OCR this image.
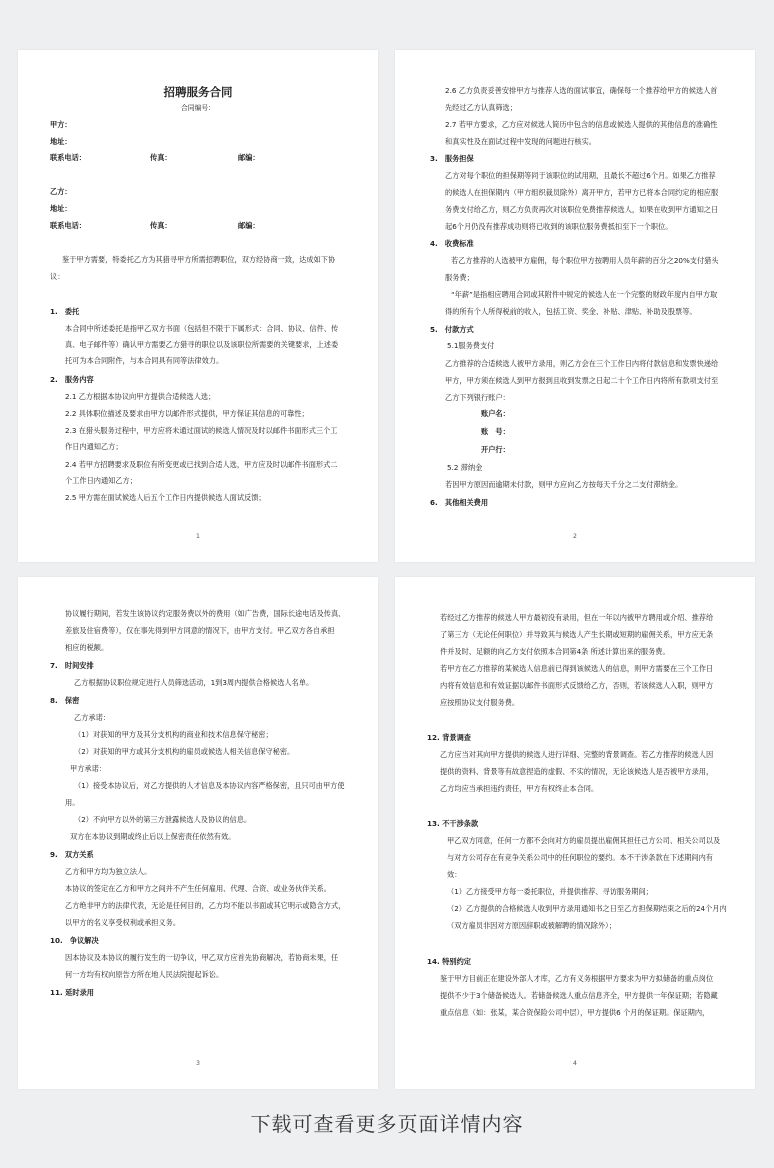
招聘服务合同
合同编号：
甲方：
地址：
联系电话：	传真：	邮编：
乙方：
地址：
联系电话：	传真：	邮编：
鉴于甲方需要，特委托乙方为其猎寻甲方所需招聘职位，双方经协商一致，达成如下协
议：
1.　委托
本合同中所述委托是指甲乙双方书面（包括但不限于下属形式：合同、协议、信件、传
真、电子邮件等）确认甲方需要乙方猎寻的职位以及该职位所需要的关键要求，上述委
托可为本合同附件，与本合同具有同等法律效力。
2.　服务内容
2.1 乙方根据本协议向甲方提供合适候选人选；
2.2 具体职位描述及要求由甲方以邮件形式提供，甲方保证其信息的可靠性；
2.3 在猎头服务过程中，甲方应将未通过面试的候选人情况及时以邮件书面形式三个工
作日内通知乙方；
2.4 若甲方招聘要求及职位有所变更或已找到合适人选，甲方应及时以邮件书面形式二
个工作日内通知乙方；
2.5 甲方需在面试候选人后五个工作日内提供候选人面试反馈；
1
2.6 乙方负责妥善安排甲方与推荐人选的面试事宜，确保每一个推荐给甲方的候选人首
先经过乙方认真筛选；
2.7 若甲方要求，乙方应对候选人简历中包含的信息或候选人提供的其他信息的准确性
和真实性及在面试过程中发现的问题进行核实。
3.　服务担保
乙方对每个职位的担保期等同于该职位的试用期，且最长不超过6个月。如果乙方推荐
的候选人在担保期内（甲方组织裁员除外）离开甲方，若甲方已将本合同约定的相应服
务费支付给乙方，则乙方负责再次对该职位免费推荐候选人，如果在收到甲方通知之日
起6个月仍没有推荐成功则将已收到的该职位服务费抵扣至下一个职位。
4.　收费标准
若乙方推荐的人选被甲方雇佣，每个职位甲方按聘用人员年薪的百分之20%支付猎头
服务费；
“年薪”是指相应聘用合同或其附件中规定的候选人在一个完整的财政年度内自甲方取
得的所有个人所得税前的收入，包括工资、奖金、补贴、津贴、补助及股票等。
5.　付款方式
5.1服务费支付
乙方推荐的合适候选人被甲方录用，则乙方会在三个工作日内将付款信息和发票快递给
甲方，甲方须在候选人到甲方报到且收到发票之日起二十个工作日内将所有款项支付至
乙方下列银行账户：
账户名：
账　号：
开户行：
5.2 滞纳金
若因甲方原因而逾期未付款，则甲方应向乙方按每天千分之二支付滞纳金。
6.　其他相关费用
2
协议履行期间，若发生该协议约定服务费以外的费用（如广告费，国际长途电话及传真、
差旅及住宿费等），仅在事先得到甲方同意的情况下，由甲方支付。甲乙双方各自承担
相应的税额。
7.　时间安排
乙方根据协议职位规定进行人员筛选活动，1到3周内提供合格候选人名单。
8.　保密
乙方承诺：
（1）对获知的甲方及其分支机构的商业和技术信息保守秘密；
（2）对获知的甲方或其分支机构的雇员或候选人相关信息保守秘密。
甲方承诺：
（1）接受本协议后，对乙方提供的人才信息及本协议内容严格保密，且只可由甲方使
用。
（2）不向甲方以外的第三方泄露候选人及协议的信息。
双方在本协议到期或终止后以上保密责任依然有效。
9.　双方关系
乙方和甲方均为独立法人。
本协议的签定在乙方和甲方之间并不产生任何雇用、代理、合资、或业务伙伴关系。
乙方绝非甲方的法律代表，无论是任何目的，乙方均不能以书面或其它明示或隐含方式，
以甲方的名义享受权利或承担义务。
10.　争议解决
因本协议及本协议的履行发生的一切争议，甲乙双方应首先协商解决，若协商未果，任
何一方均有权向原告方所在地人民法院提起诉讼。
11. 延时录用
3
若经过乙方推荐的候选人甲方最初没有录用，但在一年以内被甲方聘用或介绍、推荐给
了第三方（无论任何职位）并导致其与候选人产生长期或短期的雇佣关系，甲方应无条
件并及时、足额的向乙方支付依照本合同第4条 所述计算出来的服务费。
若甲方在乙方推荐的某候选人信息前已得到该候选人的信息，则甲方需要在三个工作日
内将有效信息和有效证据以邮件书面形式反馈给乙方，否则，若该候选人入职，则甲方
应按照协议支付服务费。
12. 背景调查
乙方应当对其向甲方提供的候选人进行详细、完整的背景调查。若乙方推荐的候选人因
提供的资料、背景等有故意捏造的虚假、不实的情况，无论该候选人是否被甲方录用，
乙方均应当承担违约责任，甲方有权终止本合同。
13. 不干涉条款
甲乙双方同意，任何一方都不会向对方的雇员提出雇佣其担任己方公司、相关公司以及
与对方公司存在有竞争关系公司中的任何职位的要约。本不干涉条款在下述期间内有
效：
（1）乙方接受甲方每一委托职位，并提供推荐、寻访服务期间；
（2）乙方提供的合格候选人收到甲方录用通知书之日至乙方担保期结束之后的24个月内
（双方雇员非因对方原因辞职或被解聘的情况除外）；
14. 特别约定
鉴于甲方目前正在建设外部人才库，乙方有义务根据甲方要求为甲方拟储备的重点岗位
提供不少于3个储备候选人。若储备候选人重点信息齐全，甲方提供一年保证期；若隐藏
重点信息（如：张某，某合资保险公司中层），甲方提供6 个月的保证期。保证期内，
4
下载可查看更多页面详情内容
